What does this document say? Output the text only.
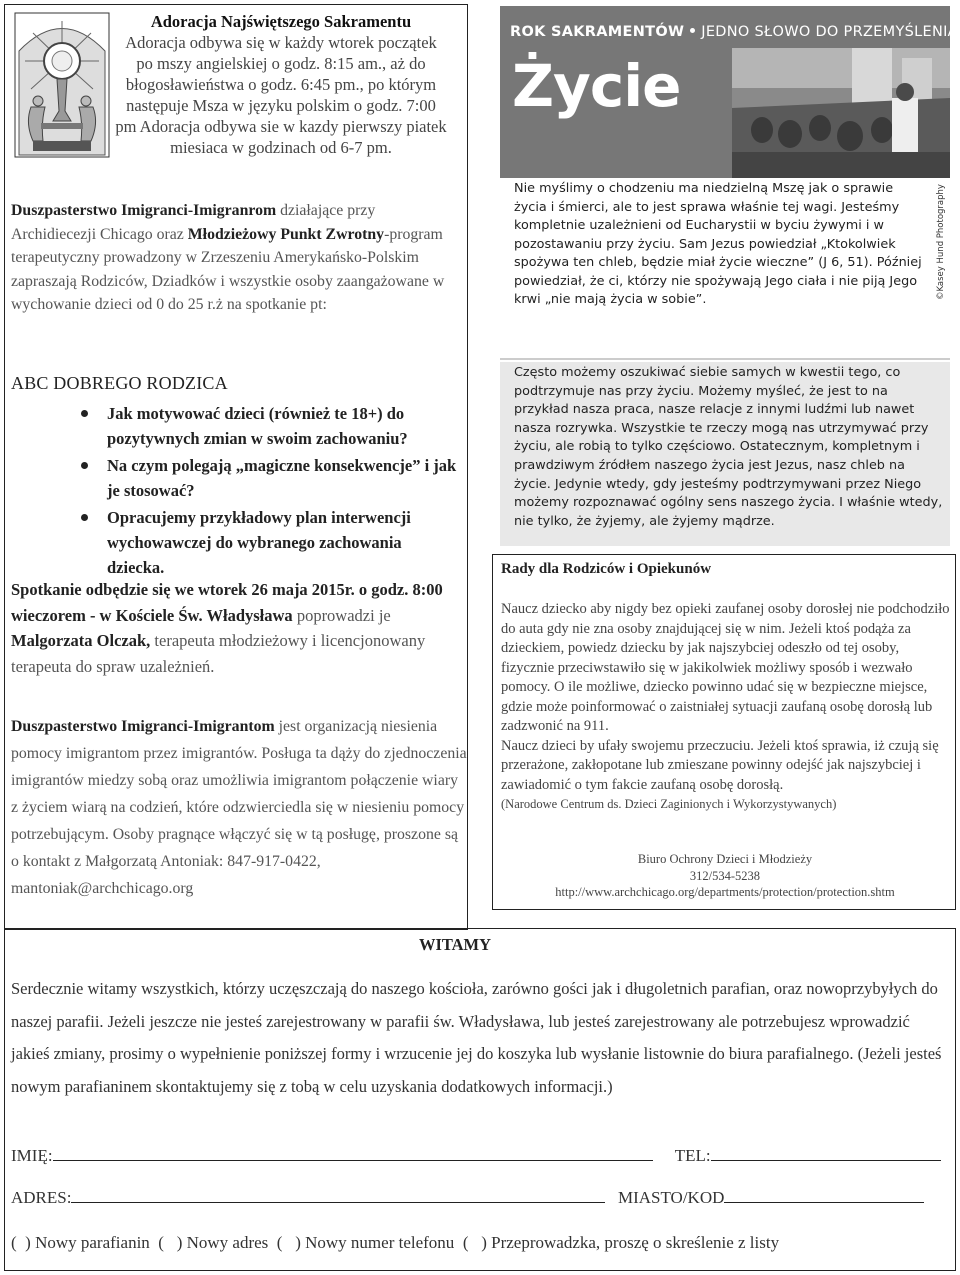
Adoracja Najświętszego Sakramentu
Adoracja odbywa się w każdy wtorek początek
po mszy angielskiej o godz. 8:15 am., aż do
błogosławieństwa o godz. 6:45 pm., po którym
następuje Msza w języku polskim o godz. 7:00
pm Adoracja odbywa sie w kazdy pierwszy piatek
miesiaca w godzinach od 6-7 pm.
Duszpasterstwo Imigranci-Imigranrom działające przy Archidiecezji Chicago oraz Młodzieżowy Punkt Zwrotny-program terapeutyczny prowadzony w Zrzeszeniu Amerykańsko-Polskim zapraszają Rodziców, Dziadków i wszystkie osoby zaangażowane w wychowanie dzieci od 0 do 25 r.ż na spotkanie pt:
ABC DOBREGO RODZICA
Jak motywować dzieci (również te 18+) do pozytywnych zmian w swoim zachowaniu?
Na czym polegają „magiczne konsekwencje” i jak je stosować?
Opracujemy przykładowy plan interwencji wychowawczej do wybranego zachowania dziecka.
Spotkanie odbędzie się we wtorek 26 maja 2015r. o godz. 8:00 wieczorem - w Kościele Św. Władysława poprowadzi je Malgorzata Olczak, terapeuta młodzieżowy i licencjonowany terapeuta do spraw uzależnień.
Duszpasterstwo Imigranci-Imigrantom jest organizacją niesienia pomocy imigrantom przez imigrantów. Posługa ta dąży do zjednoczenia imigrantów miedzy sobą oraz umożliwia imigrantom połączenie wiary z życiem wiarą na codzień, które odzwierciedla się w niesieniu pomocy potrzebującym. Osoby pragnące włączyć się w tą posługę, proszone są o kontakt z Małgorzatą Antoniak: 847-917-0422, mantoniak@archchicago.org
ROK SAKRAMENTÓW JEDNO SŁOWO DO PRZEMYŚLENIA
Życie
©Kasey Hund Photography
Nie myślimy o chodzeniu ma niedzielną Mszę jak o sprawie życia i śmierci, ale to jest sprawa właśnie tej wagi. Jesteśmy kompletnie uzależnieni od Eucharystii w byciu żywymi i w pozostawaniu przy życiu. Sam Jezus powiedział „Ktokolwiek
spożywa ten chleb, będzie miał życie wieczne” (J 6, 51). Później powiedział, że ci, którzy nie spożywają Jego ciała i nie piją Jego krwi „nie mają życia w sobie”.
Często możemy oszukiwać siebie samych w kwestii tego, co podtrzymuje nas przy życiu. Możemy myśleć, że jest to na przykład nasza praca, nasze relacje z innymi ludźmi lub nawet nasza rozrywka. Wszystkie te rzeczy mogą nas utrzymywać przy życiu, ale robią to tylko częściowo. Ostatecznym, kompletnym i prawdziwym źródłem naszego życia jest Jezus, nasz chleb na życie. Jedynie wtedy, gdy jesteśmy podtrzymywani przez Niego możemy rozpoznawać ogólny sens naszego życia. I właśnie wtedy, nie tylko, że żyjemy, ale żyjemy mądrze.
Rady dla Rodziców i Opiekunów
Naucz dziecko aby nigdy bez opieki zaufanej osoby dorosłej nie podchodziło do auta gdy nie zna osoby znajdującej się w nim. Jeżeli ktoś podąża za dzieckiem, powiedz dziecku by jak najszybciej odeszło od tej osoby, fizycznie przeciwstawiło się w jakikolwiek możliwy sposób i wezwało pomocy. O ile możliwe, dziecko powinno udać się w bezpieczne miejsce, gdzie może poinformować o zaistniałej sytuacji zaufaną osobę dorosłą lub zadzwonić na 911.
Naucz dzieci by ufały swojemu przeczuciu. Jeżeli ktoś sprawia, iż czują się przerażone, zakłopotane lub zmieszane powinny odejść jak najszybciej i zawiadomić o tym fakcie zaufaną osobę dorosłą.
(Narodowe Centrum ds. Dzieci Zaginionych i Wykorzystywanych)
Biuro Ochrony Dzieci i Młodzieży
312/534-5238
http://www.archchicago.org/departments/protection/protection.shtm
WITAMY
Serdecznie witamy wszystkich, którzy uczęszczają do naszego kościoła, zarówno gości jak i długoletnich parafian, oraz nowoprzybyłych do naszej parafii. Jeżeli jeszcze nie jesteś zarejestrowany w parafii św. Władysława, lub jesteś zarejestrowany ale potrzebujesz wprowadzić jakieś zmiany, prosimy o wypełnienie poniższej formy i wrzucenie jej do koszyka lub wysłanie listownie do biura parafialnego. (Jeżeli jesteś nowym parafianinem skontaktujemy się z tobą w celu uzyskania dodatkowych informacji.)
IMIĘ:	TEL:
ADRES:	MIASTO/KOD
(  ) Nowy parafianin  (   ) Nowy adres  (   ) Nowy numer telefonu  (   ) Przeprowadzka, proszę o skreślenie z listy
